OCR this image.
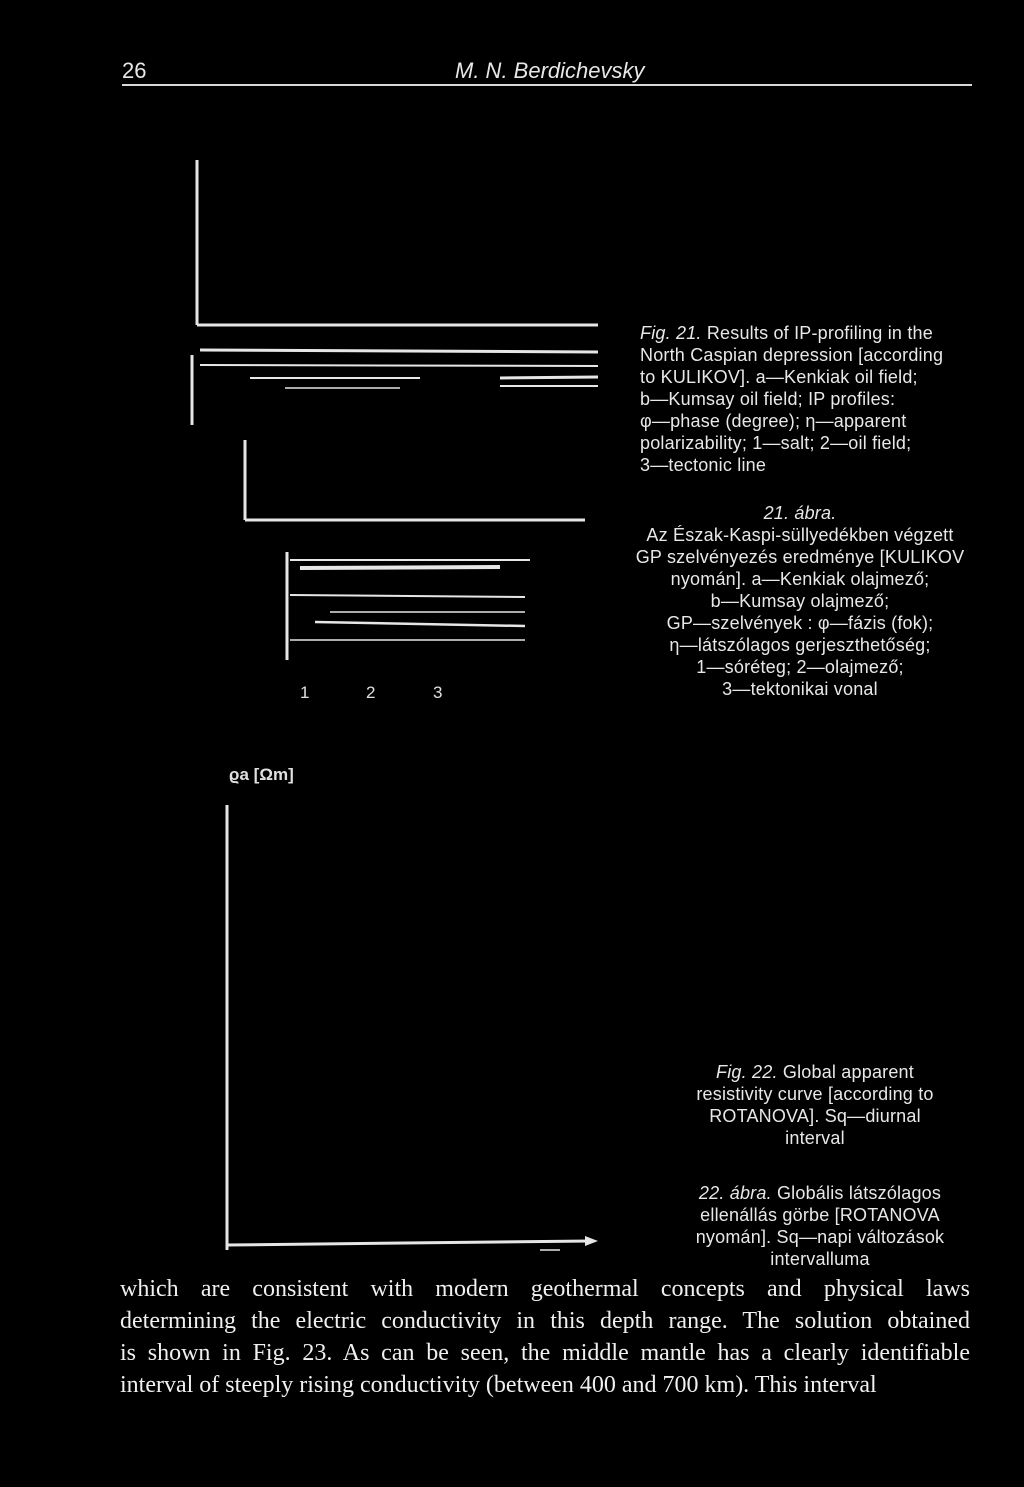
26	M. N. Berdichevsky
1	2	3
Fig. 21. Results of IP-profiling in the
North Caspian depression [according
to KULIKOV]. a—Kenkiak oil field;
b—Kumsay oil field; IP profiles:
φ—phase (degree); η—apparent
polarizability; 1—salt; 2—oil field;
3—tectonic line
21. ábra.
Az Észak-Kaspi-süllyedékben végzett
GP szelvényezés eredménye [KULIKOV
nyomán]. a—Kenkiak olajmező;
b—Kumsay olajmező;
GP—szelvények : φ—fázis (fok);
η—látszólagos gerjeszthetőség;
1—sóréteg; 2—olajmező;
3—tektonikai vonal
ϱa [Ωm]
Fig. 22. Global apparent
resistivity curve [according to
ROTANOVA]. Sq—diurnal
interval
22. ábra. Globális látszólagos
ellenállás görbe [ROTANOVA
nyomán]. Sq—napi változások
intervalluma
which are consistent with modern geothermal concepts and physical laws
determining the electric conductivity in this depth range. The solution obtained
is shown in Fig. 23. As can be seen, the middle mantle has a clearly identifiable
interval of steeply rising conductivity (between 400 and 700 km). This interval
